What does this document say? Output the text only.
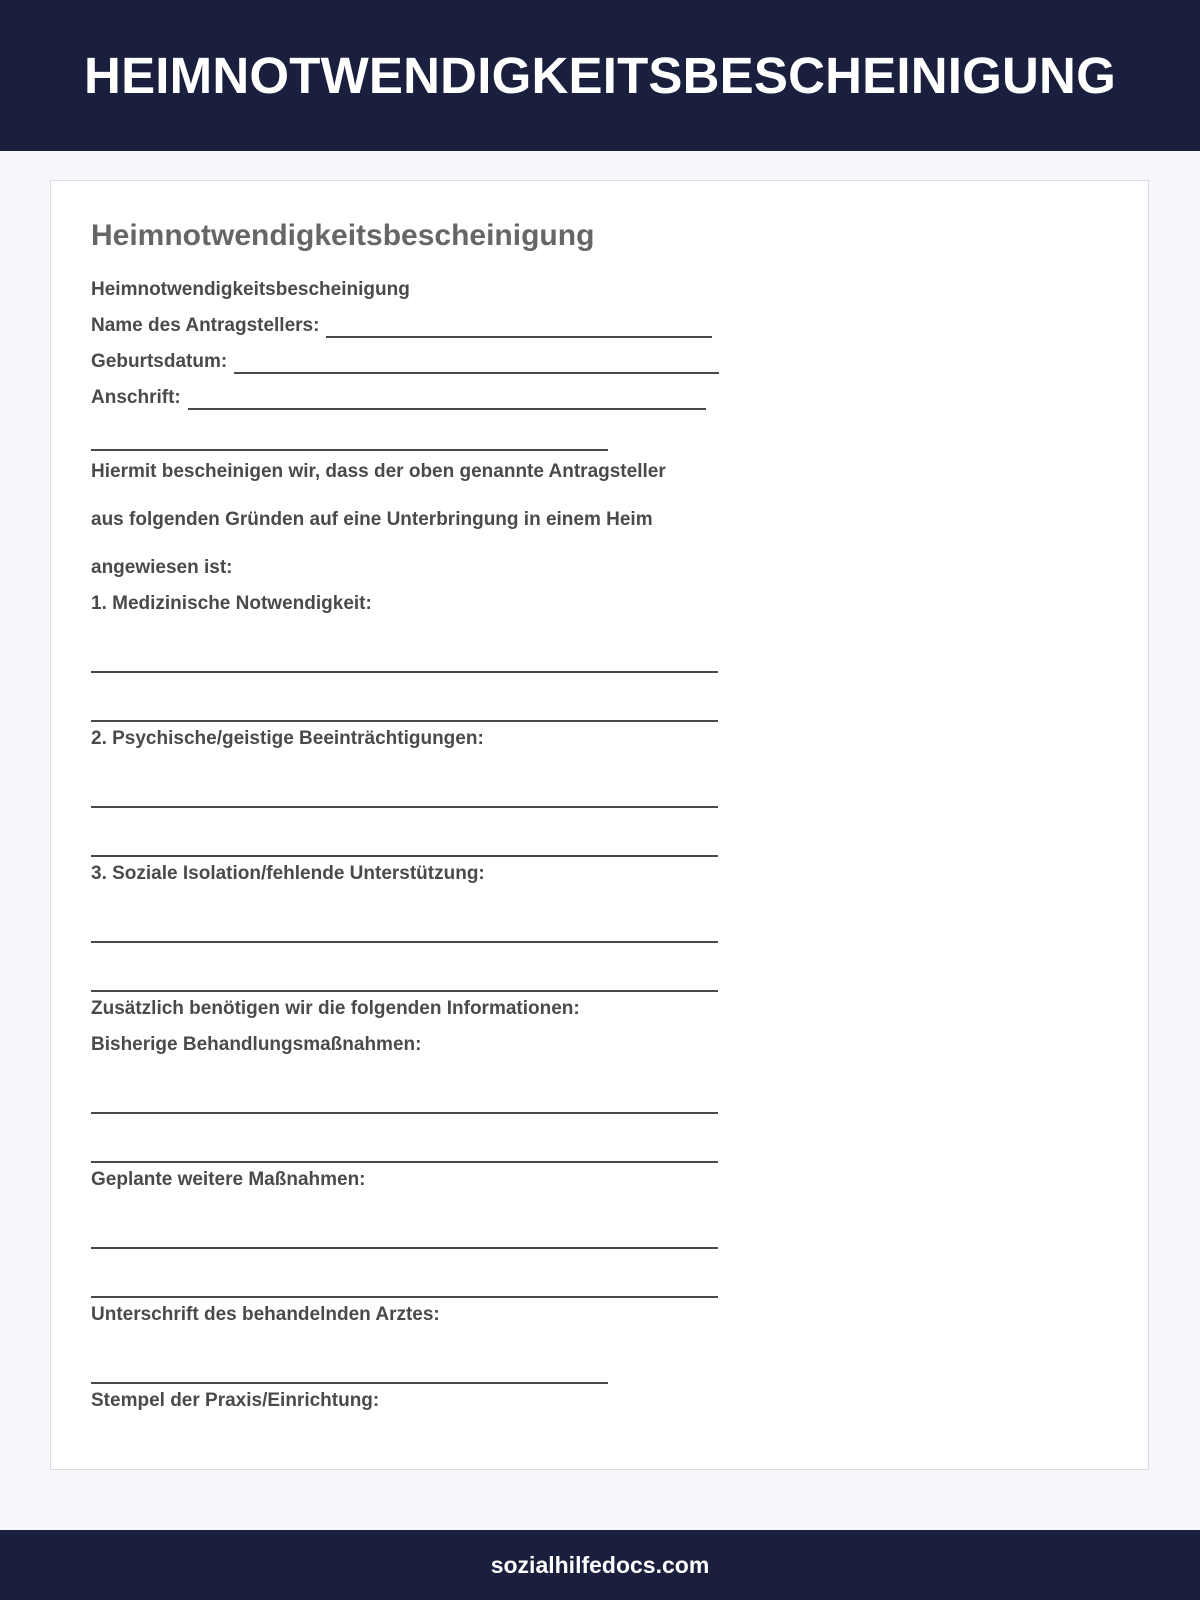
HEIMNOTWENDIGKEITSBESCHEINIGUNG
Heimnotwendigkeitsbescheinigung
Heimnotwendigkeitsbescheinigung
Name des Antragstellers:
Geburtsdatum:
Anschrift:
Hiermit bescheinigen wir, dass der oben genannte Antragsteller
aus folgenden Gründen auf eine Unterbringung in einem Heim
angewiesen ist:
1. Medizinische Notwendigkeit:
2. Psychische/geistige Beeinträchtigungen:
3. Soziale Isolation/fehlende Unterstützung:
Zusätzlich benötigen wir die folgenden Informationen:
Bisherige Behandlungsmaßnahmen:
Geplante weitere Maßnahmen:
Unterschrift des behandelnden Arztes:
Stempel der Praxis/Einrichtung:
sozialhilfedocs.com
